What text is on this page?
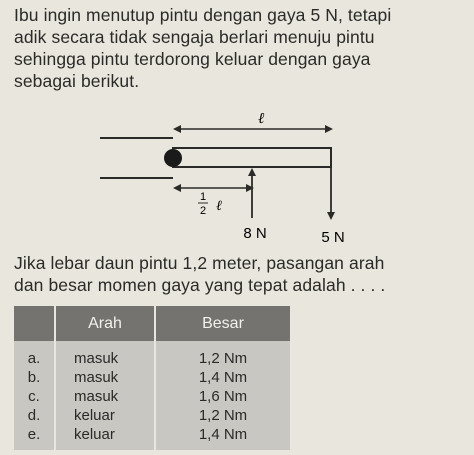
Ibu ingin menutup pintu dengan gaya 5 N, tetapi
adik secara tidak sengaja berlari menuju pintu
sehingga pintu terdorong keluar dengan gaya
sebagai berikut.
ℓ
1
2 ℓ
8 N	5 N
Jika lebar daun pintu 1,2 meter, pasangan arah
dan besar momen gaya yang tepat adalah . . . .
	Arah	Besar
a.	masuk	1,2 Nm
b.	masuk	1,4 Nm
c.	masuk	1,6 Nm
d.	keluar	1,2 Nm
e.	keluar	1,4 Nm
